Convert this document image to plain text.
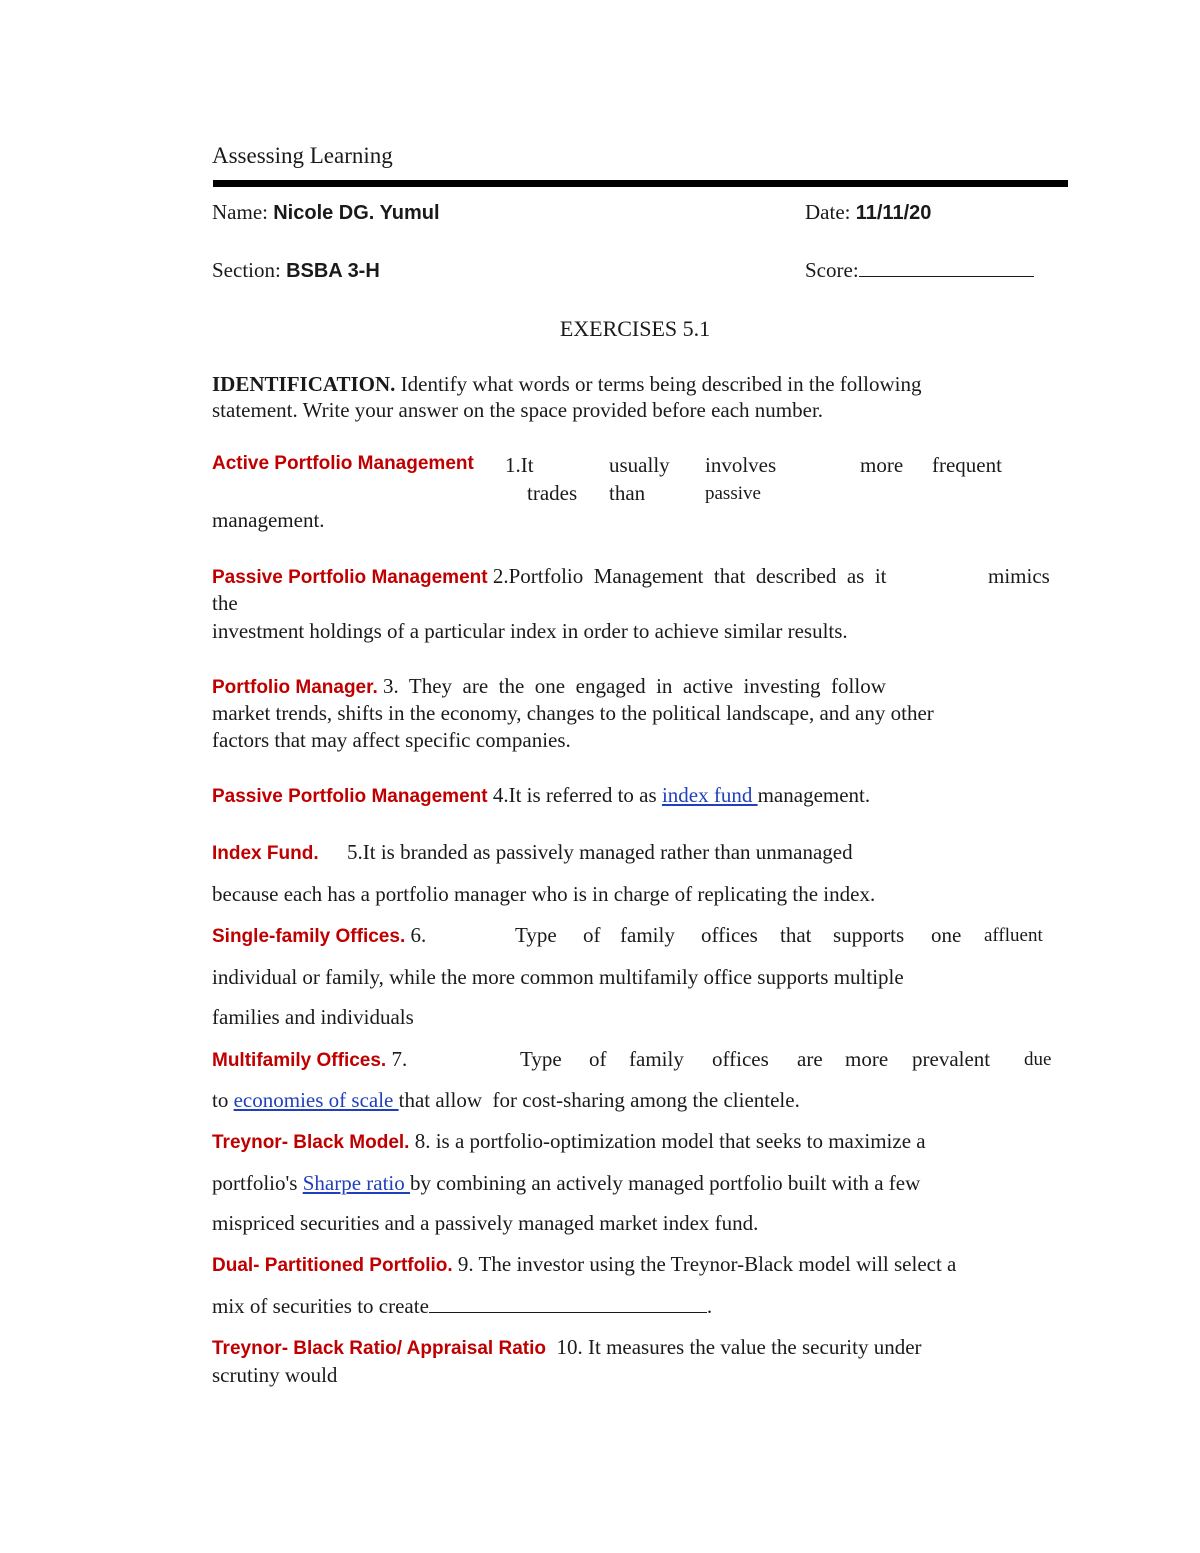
Assessing Learning
Name: Nicole DG. Yumul	Date: 11/11/20
Section: BSBA 3-H	Score:
EXERCISES 5.1
IDENTIFICATION. Identify what words or terms being described in the following
statement. Write your answer on the space provided before each number.
Active Portfolio Management 1.It	usually involves	more frequent
trades than	passive
management.
Passive Portfolio Management 2.Portfolio  Management  that  described  as  it	mimics
the
investment holdings of a particular index in order to achieve similar results.
Portfolio Manager. 3.  They  are  the  one  engaged  in  active  investing  follow
market trends, shifts in the economy, changes to the political landscape, and any other
factors that may affect specific companies.
Passive Portfolio Management 4.It is referred to as index fund management.
Index Fund. 5.It is branded as passively managed rather than unmanaged
because each has a portfolio manager who is in charge of replicating the index.
Single-family Offices. 6.	Type of family offices that supports one affluent
individual or family, while the more common multifamily office supports multiple
families and individuals
Multifamily Offices. 7.	Type of family offices are more prevalent due
to economies of scale that allow  for cost-sharing among the clientele.
Treynor- Black Model. 8. is a portfolio-optimization model that seeks to maximize a
portfolio's Sharpe ratio by combining an actively managed portfolio built with a few
mispriced securities and a passively managed market index fund.
Dual- Partitioned Portfolio. 9. The investor using the Treynor-Black model will select a
mix of securities to create	.
Treynor- Black Ratio/ Appraisal Ratio  10. It measures the value the security under
scrutiny would
